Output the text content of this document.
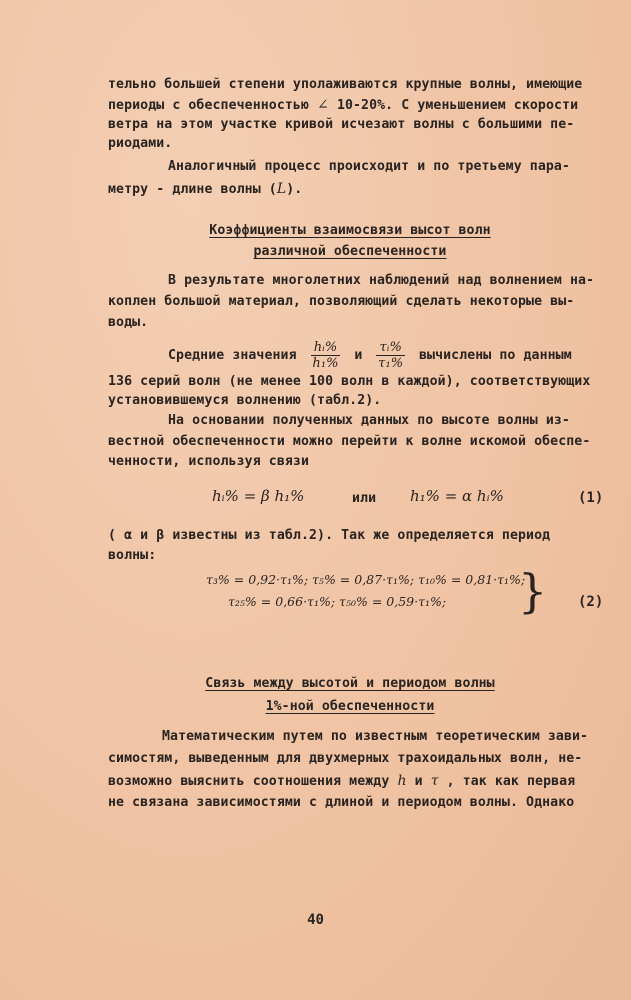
тельно большей степени уполаживаются крупные волны, имеющие
периоды с обеспеченностью ∠ 10-20%. С уменьшением скорости
ветра на этом участке кривой исчезают волны с большими пе-
риодами.
Аналогичный процесс происходит и по третьему пара-
метру - длине волны (L).
Коэффициенты взаимосвязи высот волн
различной обеспеченности
В результате многолетних наблюдений над волнением на-
коплен большой материал, позволяющий сделать некоторые вы-
воды.
Средние значения $\frac{\text{hᵢ\%}}{\text{h₁\%}}$ и $\frac{\text{τᵢ\%}}{\text{τ₁\%}}$ вычислены по данным
136 серий волн (не менее 100 волн в каждой), соответствующих
установившемуся волнению (табл.2).
На основании полученных данных по высоте волны из-
вестной обеспеченности можно перейти к волне искомой обеспе-
ченности, используя связи
hᵢ% = β h₁%	или	h₁% = α hᵢ%	(1)
( α и β известны из табл.2). Так же определяется период
волны:
τ₃% = 0,92·τ₁%; τ₅% = 0,87·τ₁%; τ₁₀% = 0,81·τ₁%;
τ₂₅% = 0,66·τ₁%; τ₅₀% = 0,59·τ₁%; } (2)
Связь между высотой и периодом волны
1%-ной обеспеченности
Математическим путем по известным теоретическим зави-
симостям, выведенным для двухмерных трахоидальных волн, не-
возможно выяснить соотношения между h и τ , так как первая
не связана зависимостями с длиной и периодом волны. Однако
40
